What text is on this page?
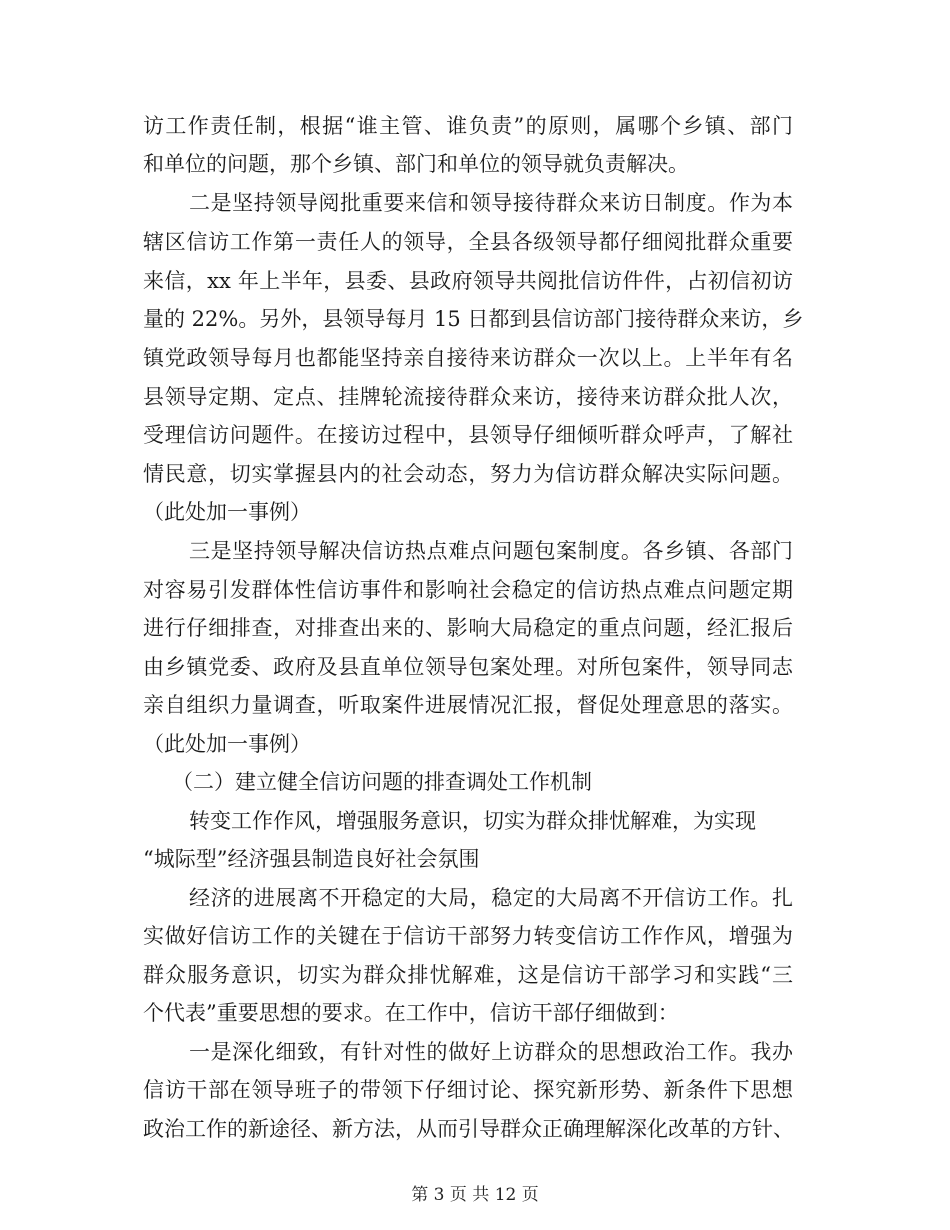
访工作责任制，根据“谁主管、谁负责”的原则，属哪个乡镇、部门
和单位的问题，那个乡镇、部门和单位的领导就负责解决。
二是坚持领导阅批重要来信和领导接待群众来访日制度。作为本
辖区信访工作第一责任人的领导，全县各级领导都仔细阅批群众重要
来信，xx 年上半年，县委、县政府领导共阅批信访件件，占初信初访
量的 22%。另外，县领导每月 15 日都到县信访部门接待群众来访，乡
镇党政领导每月也都能坚持亲自接待来访群众一次以上。上半年有名
县领导定期、定点、挂牌轮流接待群众来访，接待来访群众批人次，
受理信访问题件。在接访过程中，县领导仔细倾听群众呼声，了解社
情民意，切实掌握县内的社会动态，努力为信访群众解决实际问题。
（此处加一事例）
三是坚持领导解决信访热点难点问题包案制度。各乡镇、各部门
对容易引发群体性信访事件和影响社会稳定的信访热点难点问题定期
进行仔细排查，对排查出来的、影响大局稳定的重点问题，经汇报后
由乡镇党委、政府及县直单位领导包案处理。对所包案件，领导同志
亲自组织力量调查，听取案件进展情况汇报，督促处理意思的落实。
（此处加一事例）
（二）建立健全信访问题的排查调处工作机制
转变工作作风，增强服务意识，切实为群众排忧解难，为实现
“城际型”经济强县制造良好社会氛围
经济的进展离不开稳定的大局，稳定的大局离不开信访工作。扎
实做好信访工作的关键在于信访干部努力转变信访工作作风，增强为
群众服务意识，切实为群众排忧解难，这是信访干部学习和实践“三
个代表”重要思想的要求。在工作中，信访干部仔细做到：
一是深化细致，有针对性的做好上访群众的思想政治工作。我办
信访干部在领导班子的带领下仔细讨论、探究新形势、新条件下思想
政治工作的新途径、新方法，从而引导群众正确理解深化改革的方针、
第 3 页 共 12 页
